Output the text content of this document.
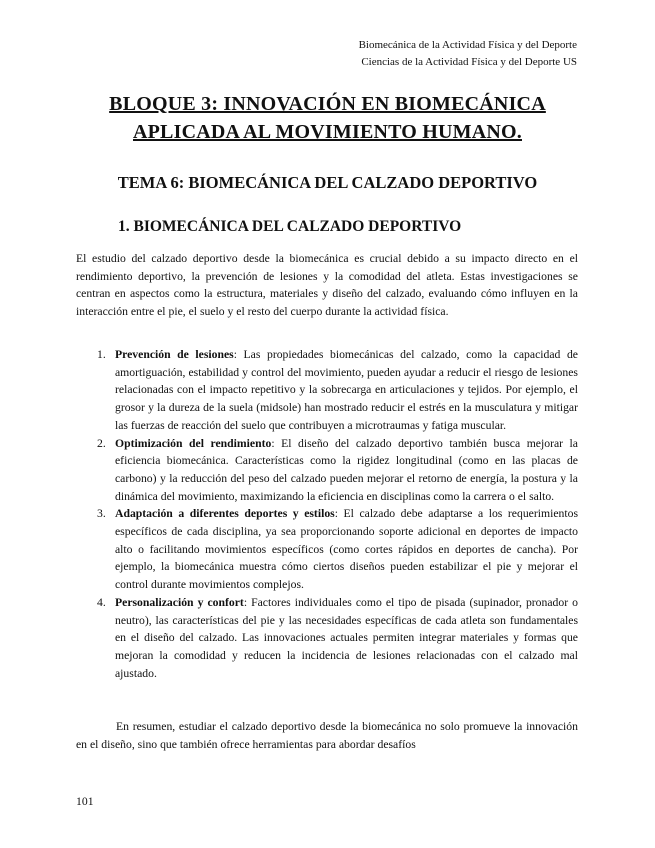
Biomecánica de la Actividad Física y del Deporte
Ciencias de la Actividad Física y del Deporte US
BLOQUE 3: INNOVACIÓN EN BIOMECÁNICA
APLICADA AL MOVIMIENTO HUMANO.
TEMA 6: BIOMECÁNICA DEL CALZADO DEPORTIVO
1. BIOMECÁNICA DEL CALZADO DEPORTIVO

El estudio del calzado deportivo desde la biomecánica es crucial debido a su impacto directo en el rendimiento deportivo, la prevención de lesiones y la comodidad del atleta. Estas investigaciones se centran en aspectos como la estructura, materiales y diseño del calzado, evaluando cómo influyen en la interacción entre el pie, el suelo y el resto del cuerpo durante la actividad física.

1. Prevención de lesiones: Las propiedades biomecánicas del calzado, como la capacidad de amortiguación, estabilidad y control del movimiento, pueden ayudar a reducir el riesgo de lesiones relacionadas con el impacto repetitivo y la sobrecarga en articulaciones y tejidos. Por ejemplo, el grosor y la dureza de la suela (midsole) han mostrado reducir el estrés en la musculatura y mitigar las fuerzas de reacción del suelo que contribuyen a microtraumas y fatiga muscular.
2. Optimización del rendimiento: El diseño del calzado deportivo también busca mejorar la eficiencia biomecánica. Características como la rigidez longitudinal (como en las placas de carbono) y la reducción del peso del calzado pueden mejorar el retorno de energía, la postura y la dinámica del movimiento, maximizando la eficiencia en disciplinas como la carrera o el salto.
3. Adaptación a diferentes deportes y estilos: El calzado debe adaptarse a los requerimientos específicos de cada disciplina, ya sea proporcionando soporte adicional en deportes de impacto alto o facilitando movimientos específicos (como cortes rápidos en deportes de cancha). Por ejemplo, la biomecánica muestra cómo ciertos diseños pueden estabilizar el pie y mejorar el control durante movimientos complejos.
4. Personalización y confort: Factores individuales como el tipo de pisada (supinador, pronador o neutro), las características del pie y las necesidades específicas de cada atleta son fundamentales en el diseño del calzado. Las innovaciones actuales permiten integrar materiales y formas que mejoran la comodidad y reducen la incidencia de lesiones relacionadas con el calzado mal ajustado.

En resumen, estudiar el calzado deportivo desde la biomecánica no solo promueve la innovación en el diseño, sino que también ofrece herramientas para abordar desafíos

101
